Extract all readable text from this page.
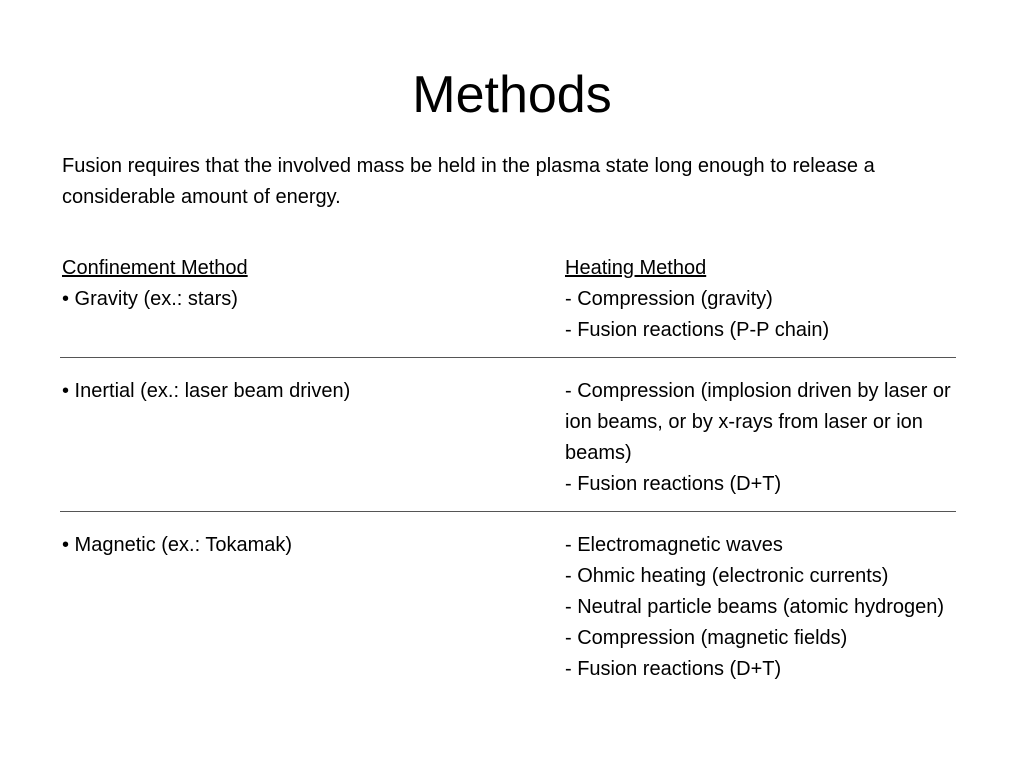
Methods

Fusion requires that the involved mass be held in the plasma state long enough to release a considerable amount of energy.

Confinement Method
• Gravity (ex.: stars)
Heating Method
- Compression (gravity)
- Fusion reactions (P-P chain)
• Inertial (ex.: laser beam driven)	- Compression (implosion driven by laser or ion beams, or by x-rays from laser or ion beams)
- Fusion reactions (D+T)
• Magnetic (ex.: Tokamak)	- Electromagnetic waves
- Ohmic heating (electronic currents)
- Neutral particle beams (atomic hydrogen)
- Compression (magnetic fields)
- Fusion reactions (D+T)
